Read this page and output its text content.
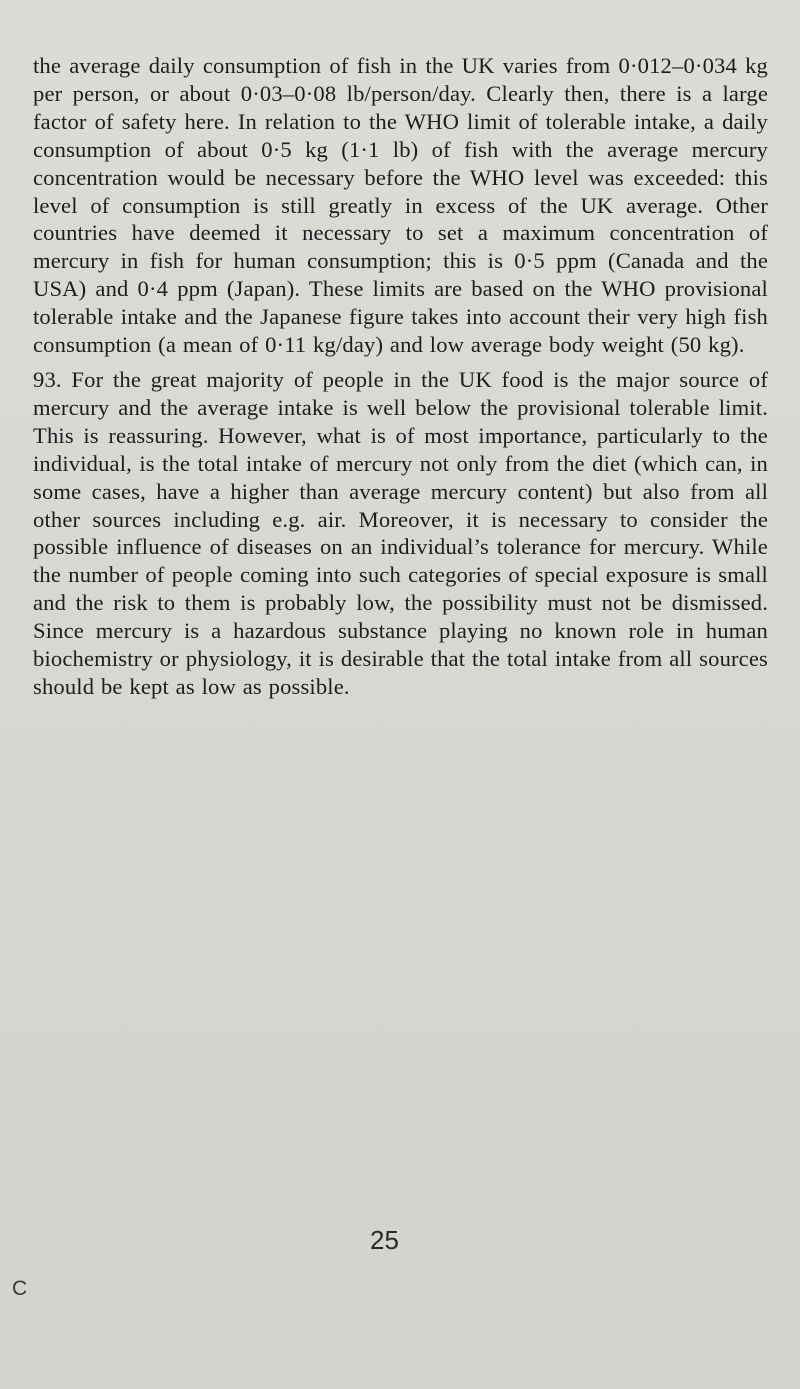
the average daily consumption of fish in the UK varies from 0·012–0·034 kg per person, or about 0·03–0·08 lb/person/day. Clearly then, there is a large factor of safety here. In relation to the WHO limit of tolerable intake, a daily consumption of about 0·5 kg (1·1 lb) of fish with the average mercury concentration would be necessary before the WHO level was exceeded: this level of consumption is still greatly in excess of the UK average. Other countries have deemed it necessary to set a maximum concentration of mercury in fish for human consumption; this is 0·5 ppm (Canada and the USA) and 0·4 ppm (Japan). These limits are based on the WHO provisional tolerable intake and the Japanese figure takes into account their very high fish consumption (a mean of 0·11 kg/day) and low average body weight (50 kg).

93. For the great majority of people in the UK food is the major source of mercury and the average intake is well below the provisional tolerable limit. This is reassuring. However, what is of most importance, particularly to the individual, is the total intake of mercury not only from the diet (which can, in some cases, have a higher than average mercury content) but also from all other sources including e.g. air. Moreover, it is necessary to consider the possible influence of diseases on an individual’s tolerance for mercury. While the number of people coming into such categories of special exposure is small and the risk to them is probably low, the possibility must not be dismissed. Since mercury is a hazardous substance playing no known role in human biochemistry or physiology, it is desirable that the total intake from all sources should be kept as low as possible.

25
C
